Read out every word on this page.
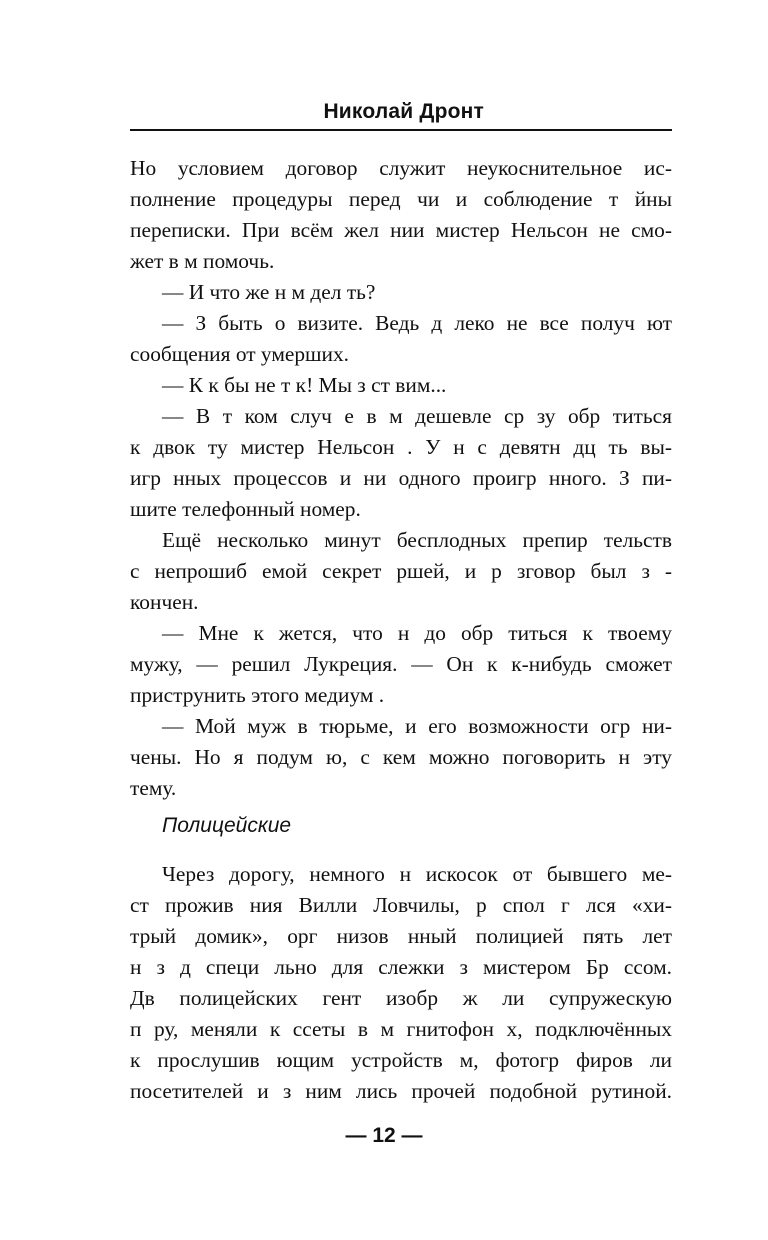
Николай Дронт
Но условием договор служит неукоснительное ис-
полнение процедуры перед чи и соблюдение т йны
переписки. При всём жел нии мистер Нельсон не смо-
жет в м помочь.
— И что же н м дел ть?
— З быть о визите. Ведь д леко не все получ ют
сообщения от умерших.
— К к бы не т к! Мы з ст вим...
— В т ком случ е в м дешевле ср зу обр титься
к двок ту мистер Нельсон . У н с девятн дц ть вы-
игр нных процессов и ни одного проигр нного. З пи-
шите телефонный номер.
Ещё несколько минут бесплодных препир тельств
с непрошиб емой секрет ршей, и р зговор был з -
кончен.
— Мне к жется, что н до обр титься к твоему
мужу, — решил Лукреция. — Он к к-нибудь сможет
приструнить этого медиум .
— Мой муж в тюрьме, и его возможности огр ни-
чены. Но я подум ю, с кем можно поговорить н эту
тему.
Полицейские
Через дорогу, немного н искосок от бывшего ме-
ст прожив ния Вилли Ловчилы, р спол г лся «хи-
трый домик», орг низов нный полицией пять лет
н з д специ льно для слежки з мистером Бр ссом.
Дв полицейских гент изобр ж ли супружескую
п ру, меняли к ссеты в м гнитофон х, подключённых
к прослушив ющим устройств м, фотогр фиров ли
посетителей и з ним лись прочей подобной рутиной.
— 12 —
